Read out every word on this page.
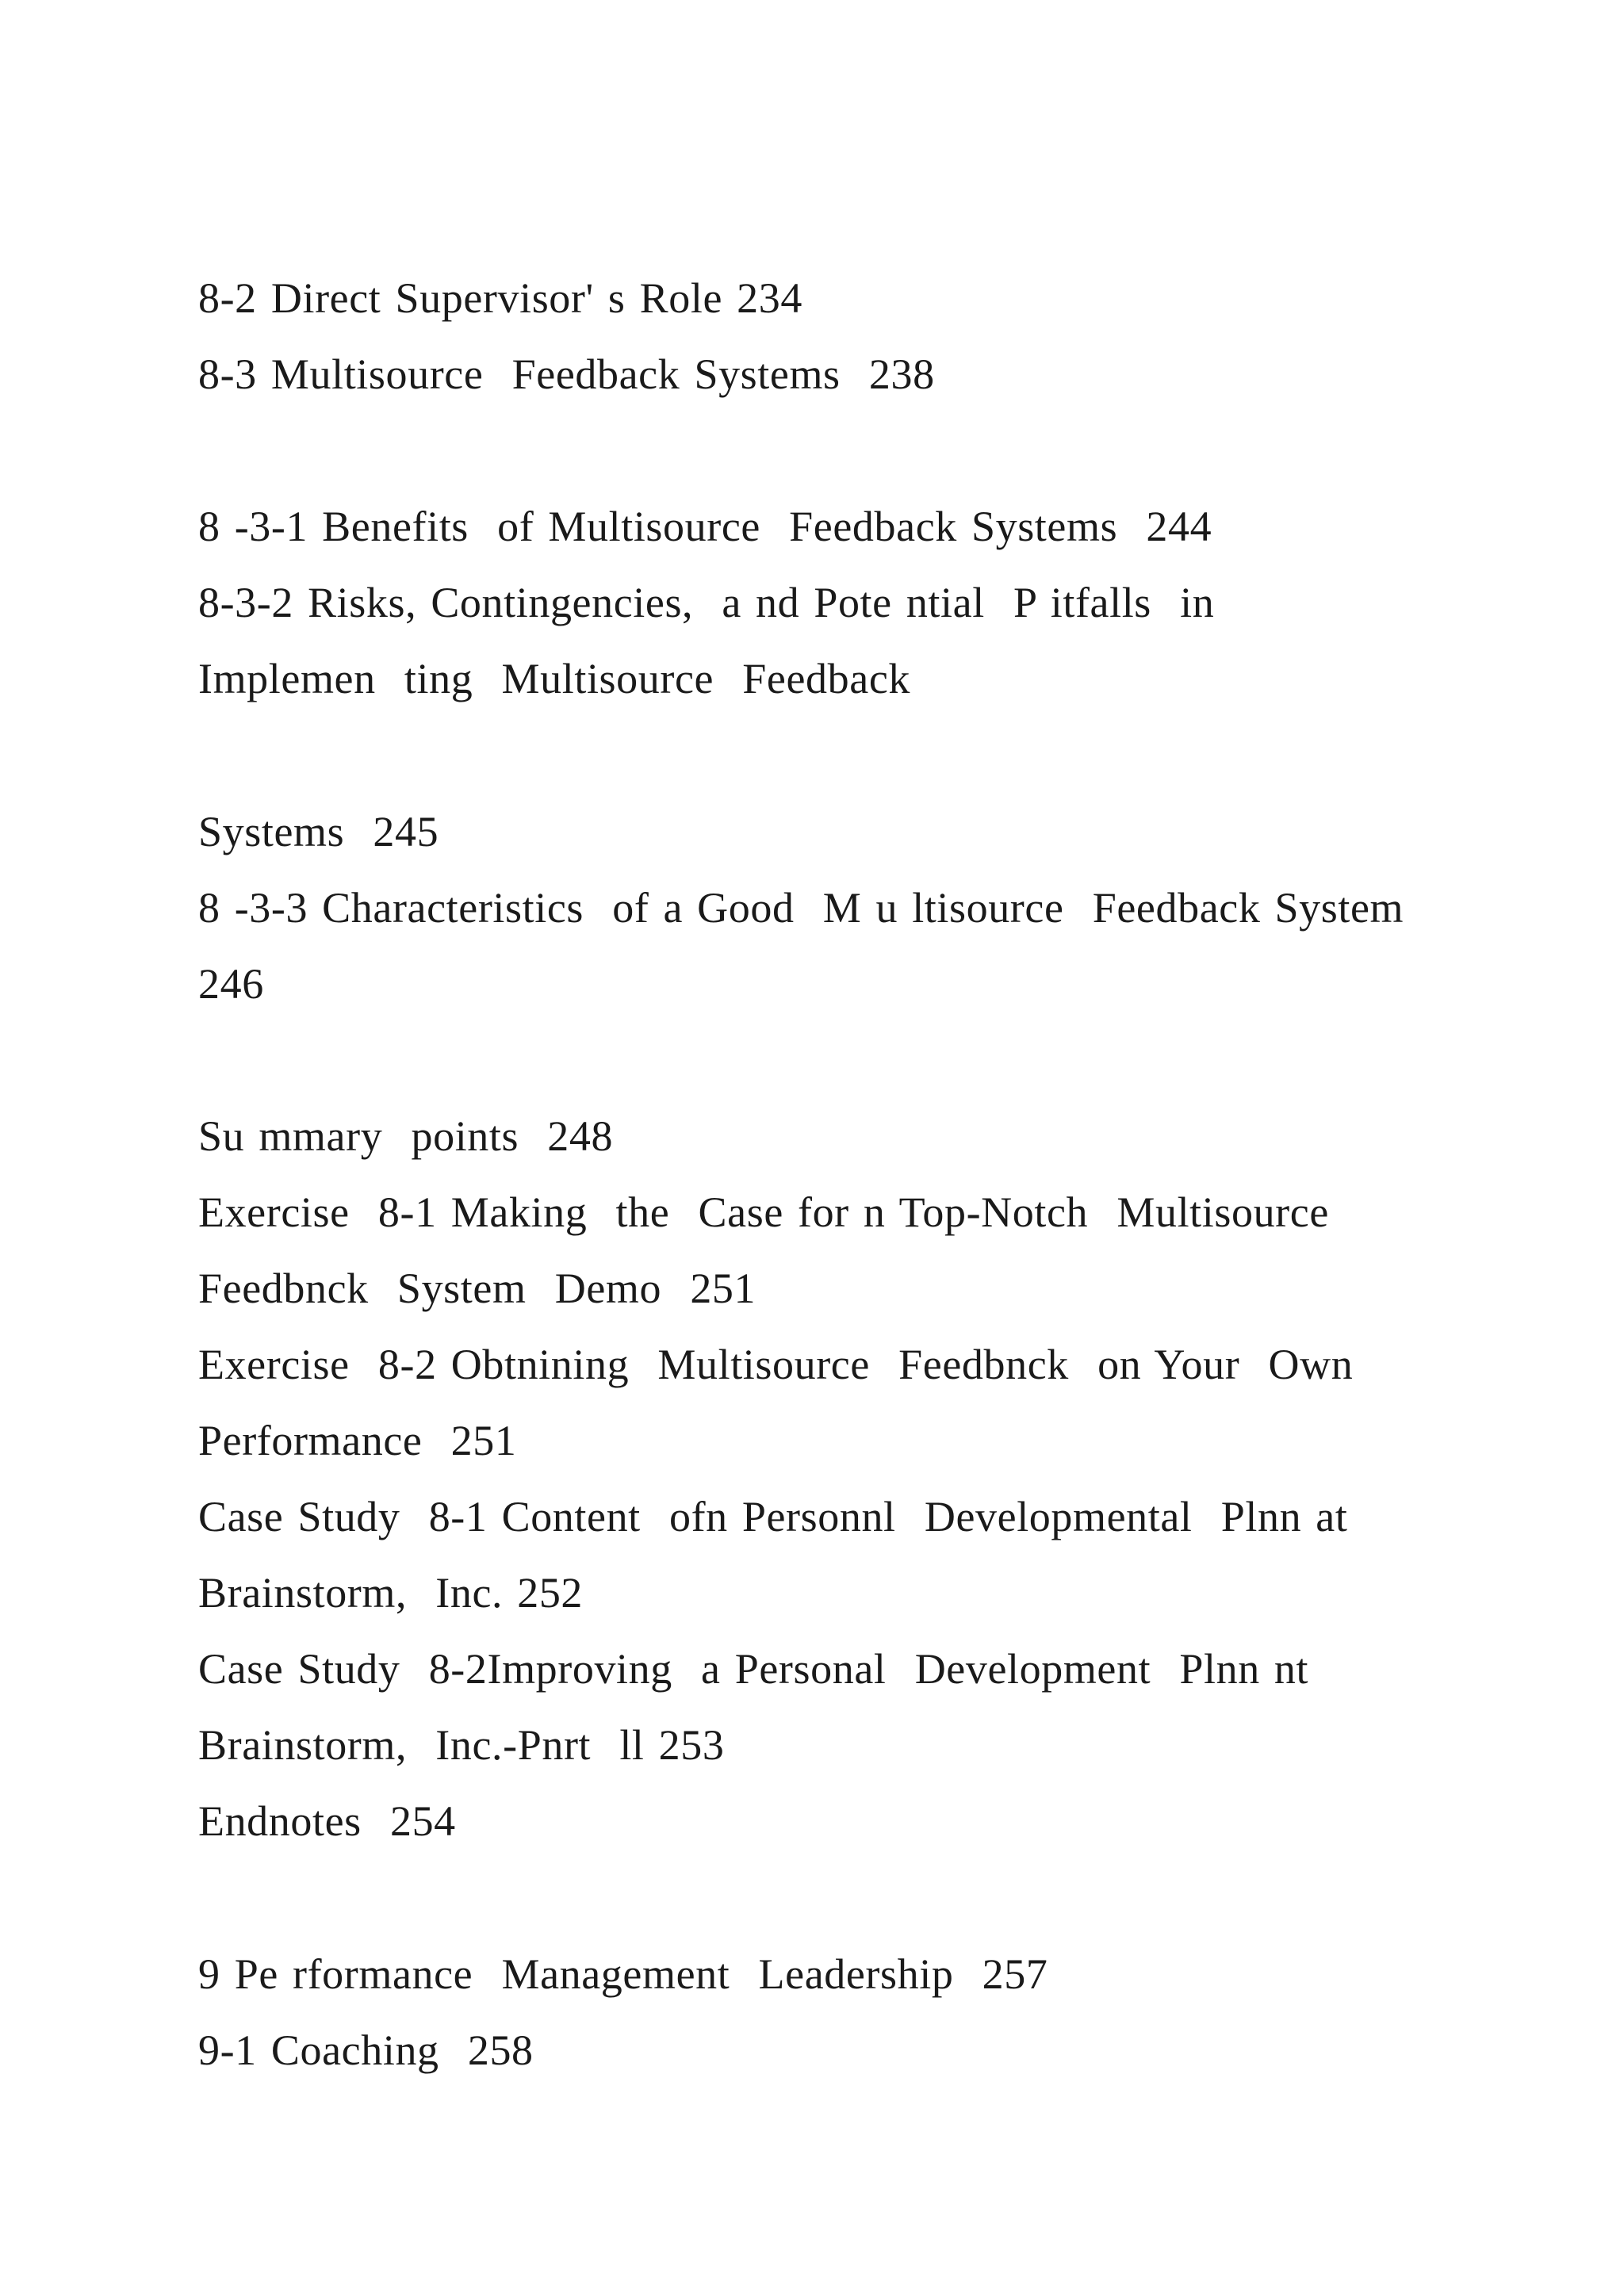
8-2 Direct Supervisor' s Role 234

8-3 Multisource  Feedback Systems  238

8 -3-1 Benefits  of Multisource  Feedback Systems  244

8-3-2 Risks, Contingencies,  a nd Pote ntial  P itfalls  in

Implemen  ting  Multisource  Feedback

Systems  245

8 -3-3 Characteristics  of a Good  M u ltisource  Feedback System

246

Su mmary  points  248

Exercise  8-1 Making  the  Case for n Top-Notch  Multisource

Feedbnck  System  Demo  251

Exercise  8-2 Obtnining  Multisource  Feedbnck  on Your  Own

Performance  251

Case Study  8-1 Content  ofn Personnl  Developmental  Plnn at

Brainstorm,  Inc. 252

Case Study  8-2Improving  a Personal  Development  Plnn nt

Brainstorm,  Inc.-Pnrt  ll 253

Endnotes  254

9 Pe rformance  Management  Leadership  257

9-1 Coaching  258
